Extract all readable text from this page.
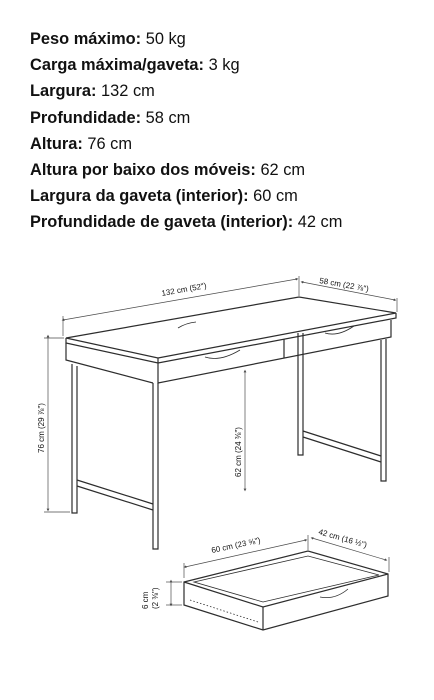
Peso máximo: 50 kg
Carga máxima/gaveta: 3 kg
Largura: 132 cm
Profundidade: 58 cm
Altura: 76 cm
Altura por baixo dos móveis: 62 cm
Largura da gaveta (interior): 60 cm
Profundidade de gaveta (interior): 42 cm
132 cm (52")	58 cm (22 ⅞")
76 cm (29 ⅞")	62 cm (24 ⅜")
60 cm (23 ⅝")	42 cm (16 ½")
6 cm (2 ⅜")
